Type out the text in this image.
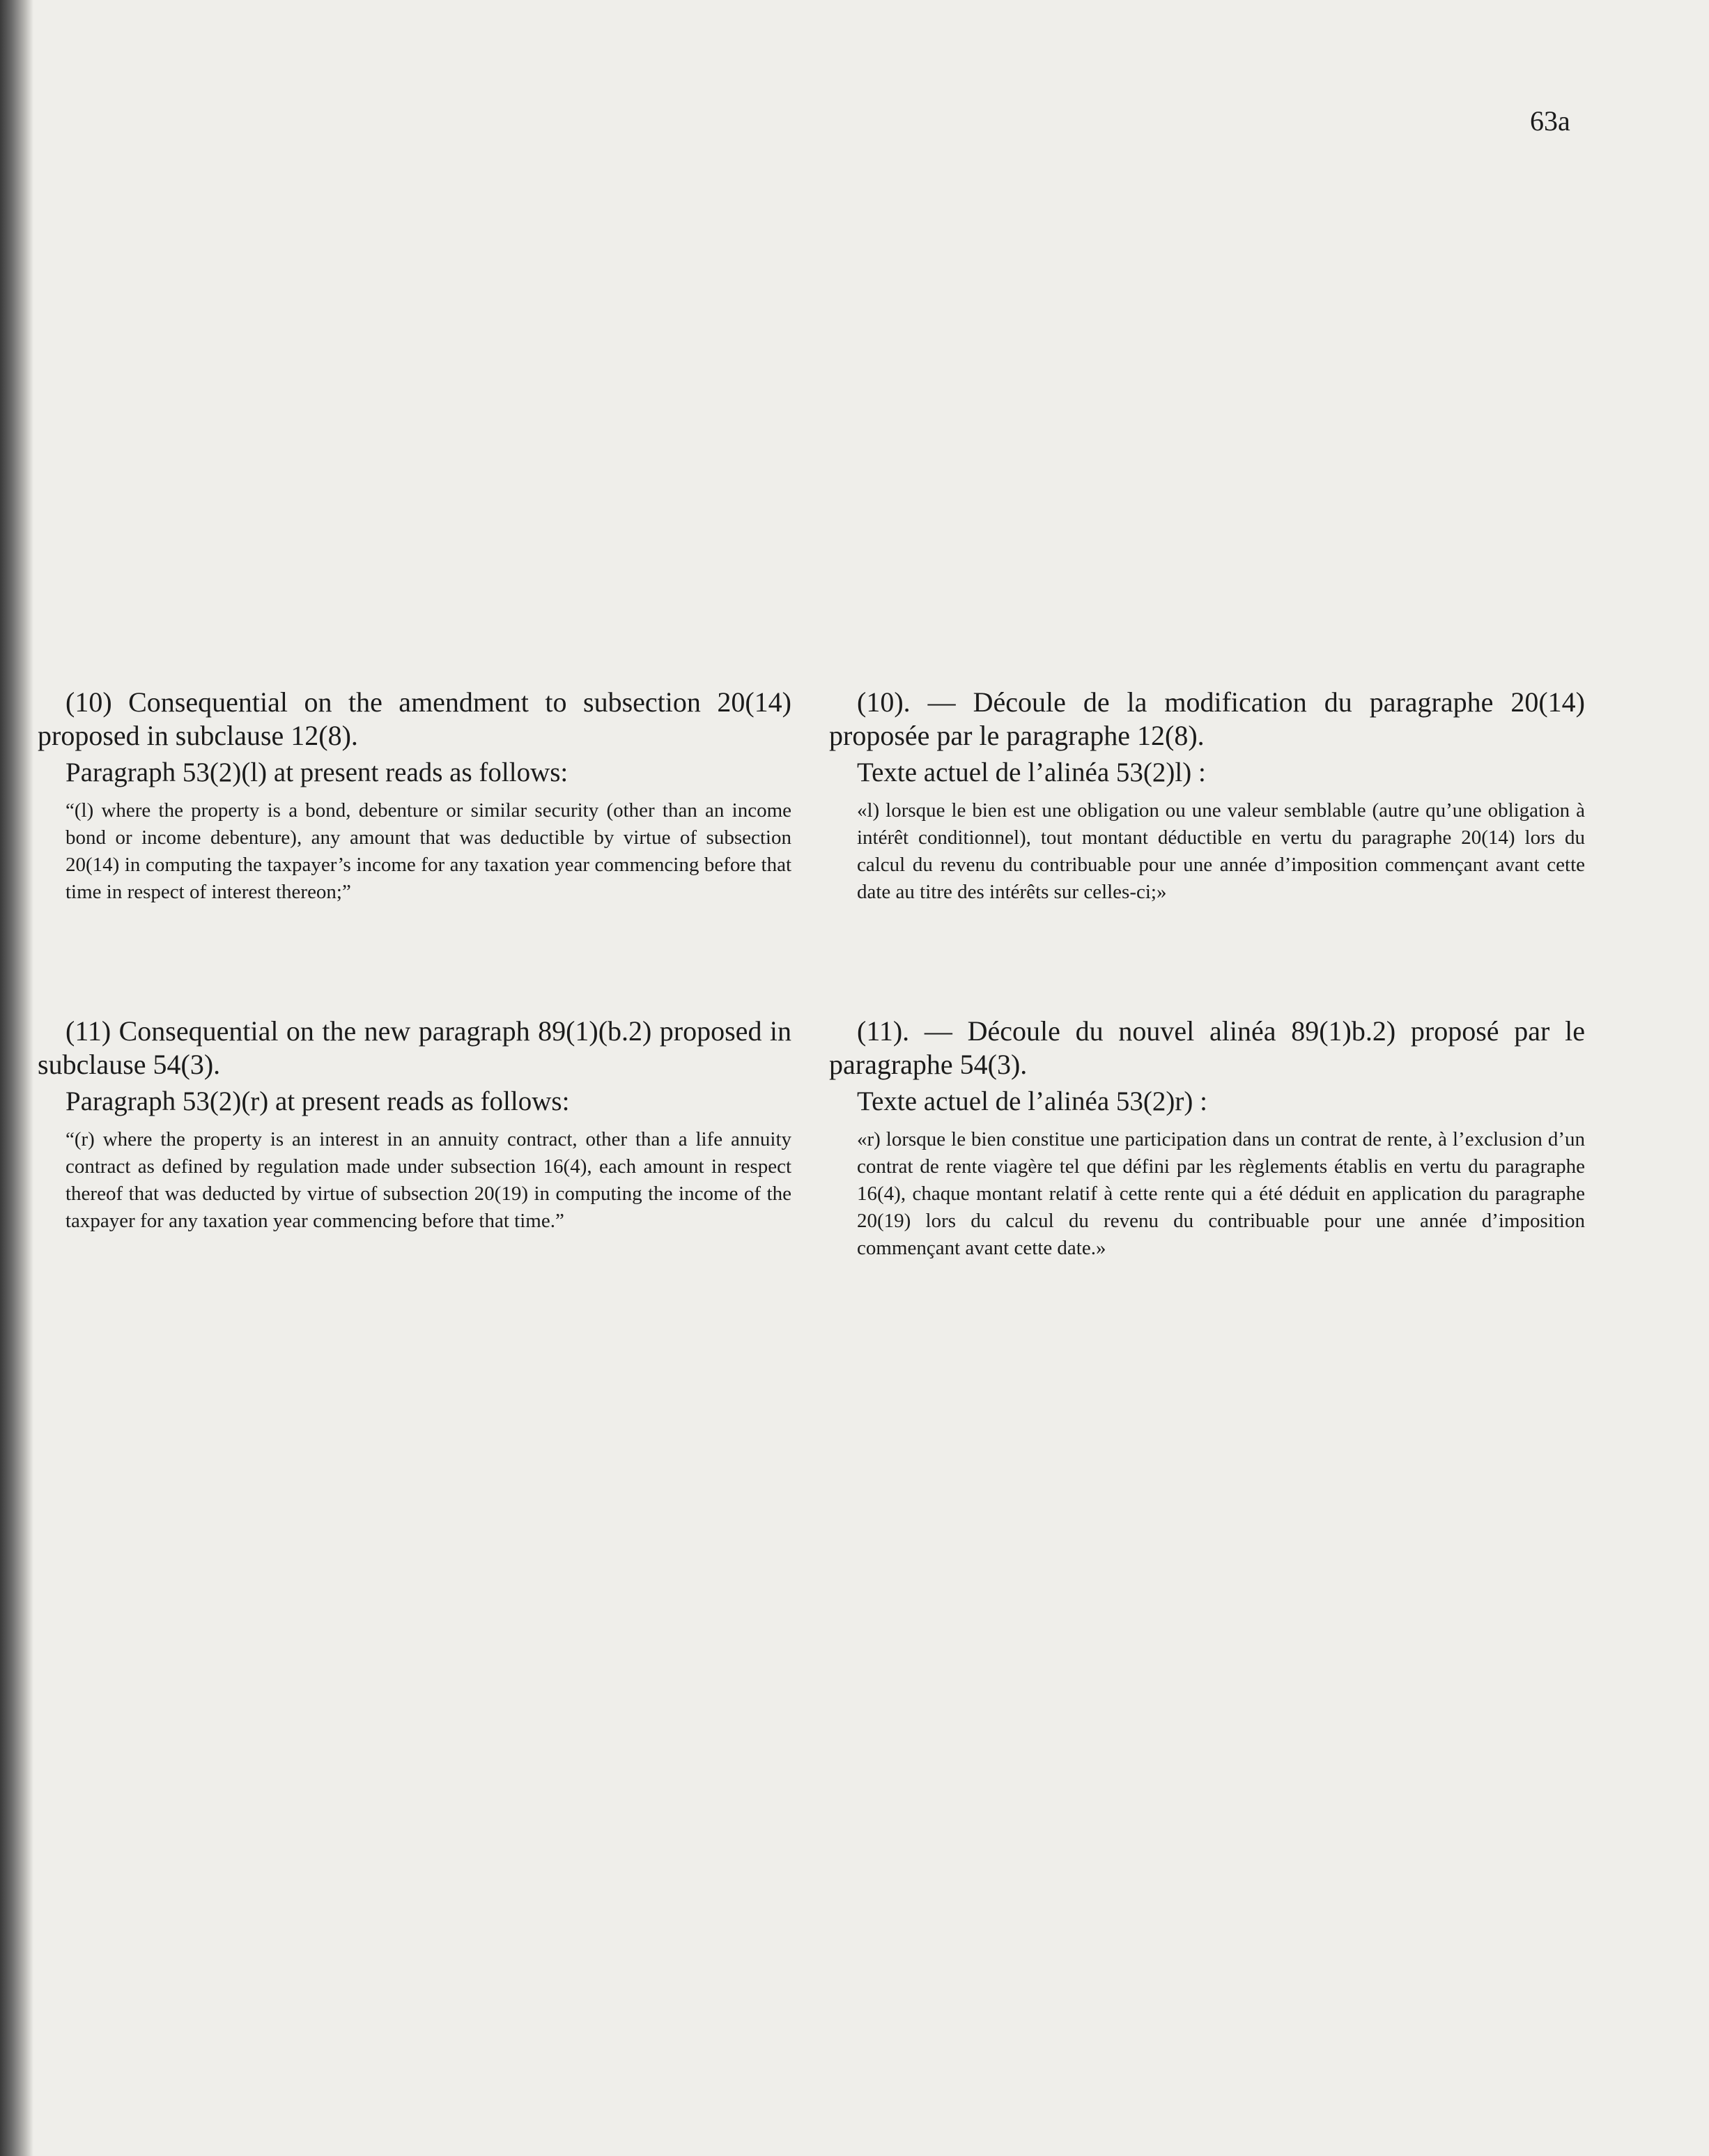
63a

(10) Consequential on the amendment to subsection 20(14) proposed in subclause 12(8).

Paragraph 53(2)(l) at present reads as follows:

“(l) where the property is a bond, debenture or similar security (other than an income bond or income debenture), any amount that was deductible by virtue of subsection 20(14) in computing the taxpayer’s income for any taxation year commencing before that time in respect of interest thereon;”

(11) Consequential on the new paragraph 89(1)(b.2) proposed in subclause 54(3).

Paragraph 53(2)(r) at present reads as follows:

“(r) where the property is an interest in an annuity contract, other than a life annuity contract as defined by regulation made under subsection 16(4), each amount in respect thereof that was deducted by virtue of subsection 20(19) in computing the income of the taxpayer for any taxation year commencing before that time.”

(10). — Découle de la modification du paragraphe 20(14) proposée par le paragraphe 12(8).

Texte actuel de l’alinéa 53(2)l) :

«l) lorsque le bien est une obligation ou une valeur semblable (autre qu’une obligation à intérêt conditionnel), tout montant déductible en vertu du paragraphe 20(14) lors du calcul du revenu du contribuable pour une année d’imposition commençant avant cette date au titre des intérêts sur celles-ci;»

(11). — Découle du nouvel alinéa 89(1)b.2) proposé par le paragraphe 54(3).

Texte actuel de l’alinéa 53(2)r) :

«r) lorsque le bien constitue une participation dans un contrat de rente, à l’exclusion d’un contrat de rente viagère tel que défini par les règlements établis en vertu du paragraphe 16(4), chaque montant relatif à cette rente qui a été déduit en application du paragraphe 20(19) lors du calcul du revenu du contribuable pour une année d’imposition commençant avant cette date.»
